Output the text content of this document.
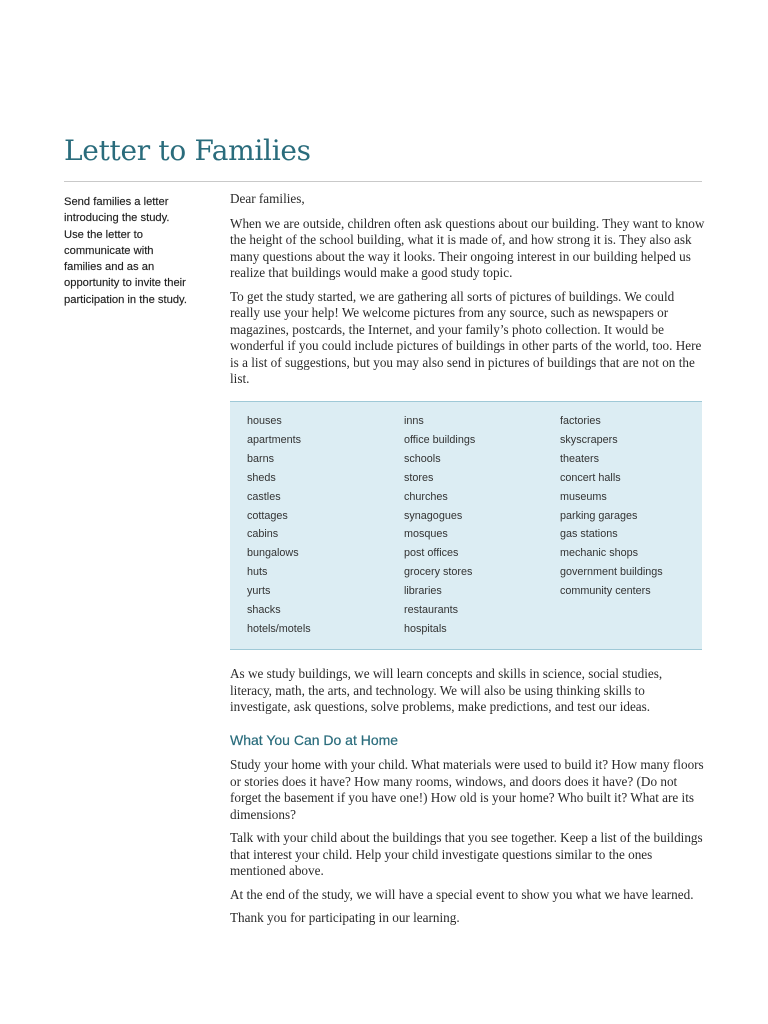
Letter to Families

Send families a letter introducing the study. Use the letter to communicate with families and as an opportunity to invite their participation in the study.

Dear families,

When we are outside, children often ask questions about our building. They want to know the height of the school building, what it is made of, and how strong it is. They also ask many questions about the way it looks. Their ongoing interest in our building helped us realize that buildings would make a good study topic.

To get the study started, we are gathering all sorts of pictures of buildings. We could really use your help! We welcome pictures from any source, such as newspapers or magazines, postcards, the Internet, and your family’s photo collection. It would be wonderful if you could include pictures of buildings in other parts of the world, too. Here is a list of suggestions, but you may also send in pictures of buildings that are not on the list.

houses
apartments
barns
sheds
castles
cottages
cabins
bungalows
huts
yurts
shacks
hotels/motels
inns
office buildings
schools
stores
churches
synagogues
mosques
post offices
grocery stores
libraries
restaurants
hospitals
factories
skyscrapers
theaters
concert halls
museums
parking garages
gas stations
mechanic shops
government buildings
community centers

As we study buildings, we will learn concepts and skills in science, social studies, literacy, math, the arts, and technology. We will also be using thinking skills to investigate, ask questions, solve problems, make predictions, and test our ideas.

What You Can Do at Home

Study your home with your child. What materials were used to build it? How many floors or stories does it have? How many rooms, windows, and doors does it have? (Do not forget the basement if you have one!) How old is your home? Who built it? What are its dimensions?

Talk with your child about the buildings that you see together. Keep a list of the buildings that interest your child. Help your child investigate questions similar to the ones mentioned above.

At the end of the study, we will have a special event to show you what we have learned.

Thank you for participating in our learning.
